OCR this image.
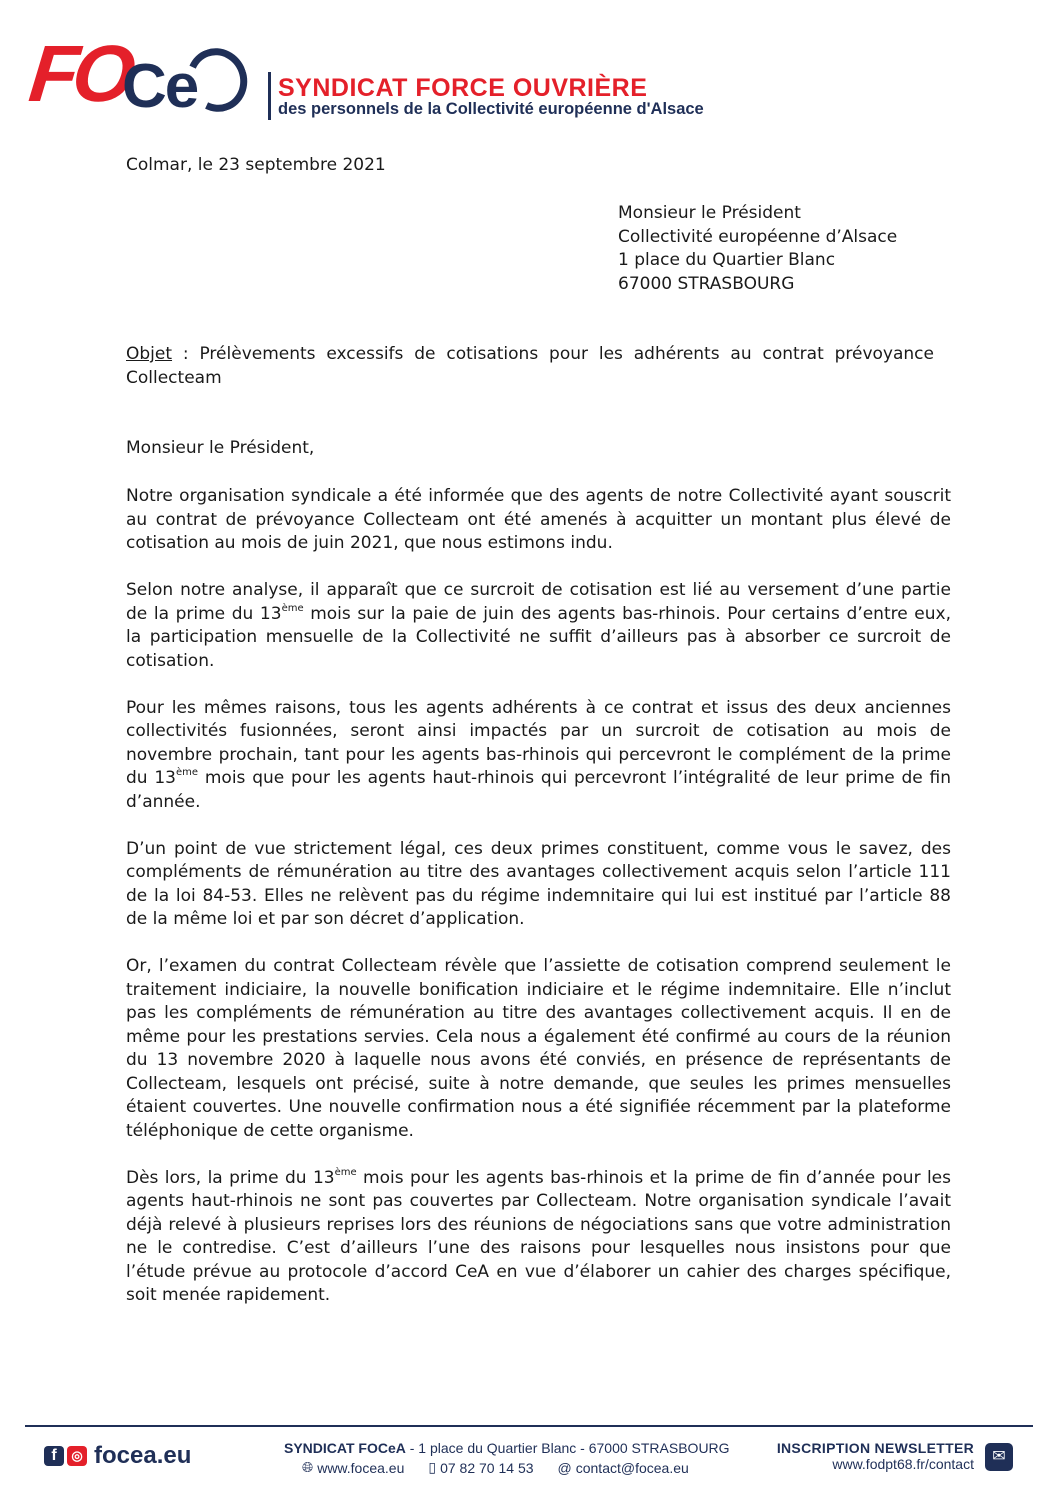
FO
Ce	SYNDICAT FORCE OUVRIÈRE
des personnels de la Collectivité européenne d'Alsace
Colmar, le 23 septembre 2021
Monsieur le Président
Collectivité européenne d’Alsace
1 place du Quartier Blanc
67000 STRASBOURG
Objet : Prélèvements excessifs de cotisations pour les adhérents au contrat prévoyance Collecteam
Monsieur le Président,

Notre organisation syndicale a été informée que des agents de notre Collectivité ayant souscrit au contrat de prévoyance Collecteam ont été amenés à acquitter un montant plus élevé de cotisation au mois de juin 2021, que nous estimons indu.

Selon notre analyse, il apparaît que ce surcroit de cotisation est lié au versement d’une partie de la prime du 13ème mois sur la paie de juin des agents bas-rhinois. Pour certains d’entre eux, la participation mensuelle de la Collectivité ne suffit d’ailleurs pas à absorber ce surcroit de cotisation.

Pour les mêmes raisons, tous les agents adhérents à ce contrat et issus des deux anciennes collectivités fusionnées, seront ainsi impactés par un surcroit de cotisation au mois de novembre prochain, tant pour les agents bas-rhinois qui percevront le complément de la prime du 13ème mois que pour les agents haut-rhinois qui percevront l’intégralité de leur prime de fin d’année.

D’un point de vue strictement légal, ces deux primes constituent, comme vous le savez, des compléments de rémunération au titre des avantages collectivement acquis selon l’article 111 de la loi 84-53. Elles ne relèvent pas du régime indemnitaire qui lui est institué par l’article 88 de la même loi et par son décret d’application.

Or, l’examen du contrat Collecteam révèle que l’assiette de cotisation comprend seulement le traitement indiciaire, la nouvelle bonification indiciaire et le régime indemnitaire. Elle n’inclut pas les compléments de rémunération au titre des avantages collectivement acquis. Il en de même pour les prestations servies. Cela nous a également été confirmé au cours de la réunion du 13 novembre 2020 à laquelle nous avons été conviés, en présence de représentants de Collecteam, lesquels ont précisé, suite à notre demande, que seules les primes mensuelles étaient couvertes. Une nouvelle confirmation nous a été signifiée récemment par la plateforme téléphonique de cette organisme.

Dès lors, la prime du 13ème mois pour les agents bas-rhinois et la prime de fin d’année pour les agents haut-rhinois ne sont pas couvertes par Collecteam. Notre organisation syndicale l’avait déjà relevé à plusieurs reprises lors des réunions de négociations sans que votre administration ne le contredise. C’est d’ailleurs l’une des raisons pour lesquelles nous insistons pour que l’étude prévue au protocole d’accord CeA en vue d’élaborer un cahier des charges spécifique, soit menée rapidement.

f	◎ focea.eu	SYNDICAT FOCeA - 1 place du Quartier Blanc - 67000 STRASBOURG
🌐︎ www.focea.eu ▯ 07 82 70 14 53 @ contact@focea.eu
INSCRIPTION NEWSLETTER
www.fodpt68.fr/contact	✉
